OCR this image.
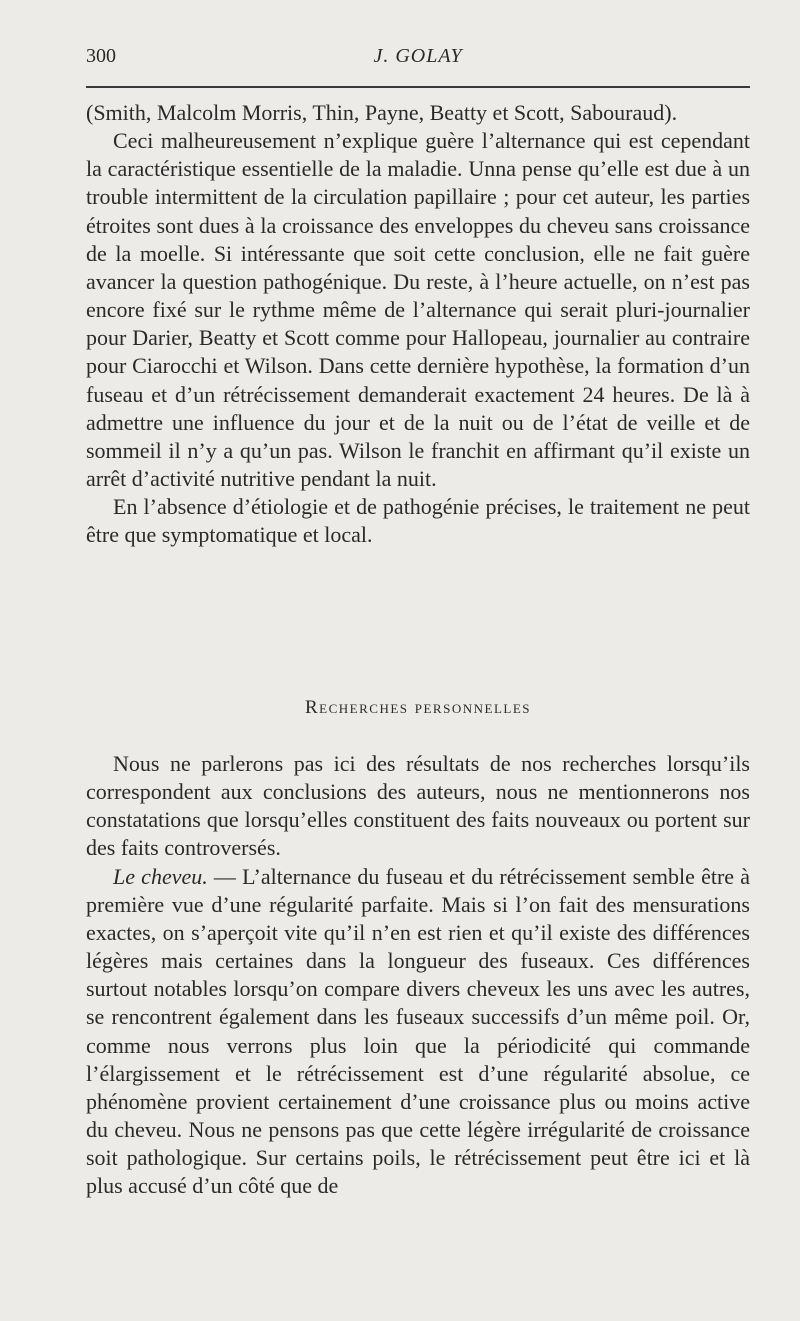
300	J. GOLAY

(Smith, Malcolm Morris, Thin, Payne, Beatty et Scott, Sabouraud).

Ceci malheureusement n’explique guère l’alternance qui est cependant la caractéristique essentielle de la maladie. Unna pense qu’elle est due à un trouble intermittent de la circulation papillaire ; pour cet auteur, les parties étroites sont dues à la croissance des enveloppes du cheveu sans croissance de la moelle. Si intéressante que soit cette conclusion, elle ne fait guère avancer la question pathogénique. Du reste, à l’heure actuelle, on n’est pas encore fixé sur le rythme même de l’alternance qui serait pluri-journalier pour Darier, Beatty et Scott comme pour Hallopeau, journalier au contraire pour Ciarocchi et Wilson. Dans cette dernière hypothèse, la formation d’un fuseau et d’un rétrécissement demanderait exactement 24 heures. De là à admettre une influence du jour et de la nuit ou de l’état de veille et de sommeil il n’y a qu’un pas. Wilson le franchit en affirmant qu’il existe un arrêt d’activité nutritive pendant la nuit.

En l’absence d’étiologie et de pathogénie précises, le traitement ne peut être que symptomatique et local.

Recherches personnelles

Nous ne parlerons pas ici des résultats de nos recherches lorsqu’ils correspondent aux conclusions des auteurs, nous ne mentionnerons nos constatations que lorsqu’elles constituent des faits nouveaux ou portent sur des faits controversés.

Le cheveu. — L’alternance du fuseau et du rétrécissement semble être à première vue d’une régularité parfaite. Mais si l’on fait des mensurations exactes, on s’aperçoit vite qu’il n’en est rien et qu’il existe des différences légères mais certaines dans la longueur des fuseaux. Ces différences surtout notables lorsqu’on compare divers cheveux les uns avec les autres, se rencontrent également dans les fuseaux successifs d’un même poil. Or, comme nous verrons plus loin que la périodicité qui commande l’élargissement et le rétrécissement est d’une régularité absolue, ce phénomène provient certainement d’une croissance plus ou moins active du cheveu. Nous ne pensons pas que cette légère irrégularité de croissance soit pathologique. Sur certains poils, le rétrécissement peut être ici et là plus accusé d’un côté que de
